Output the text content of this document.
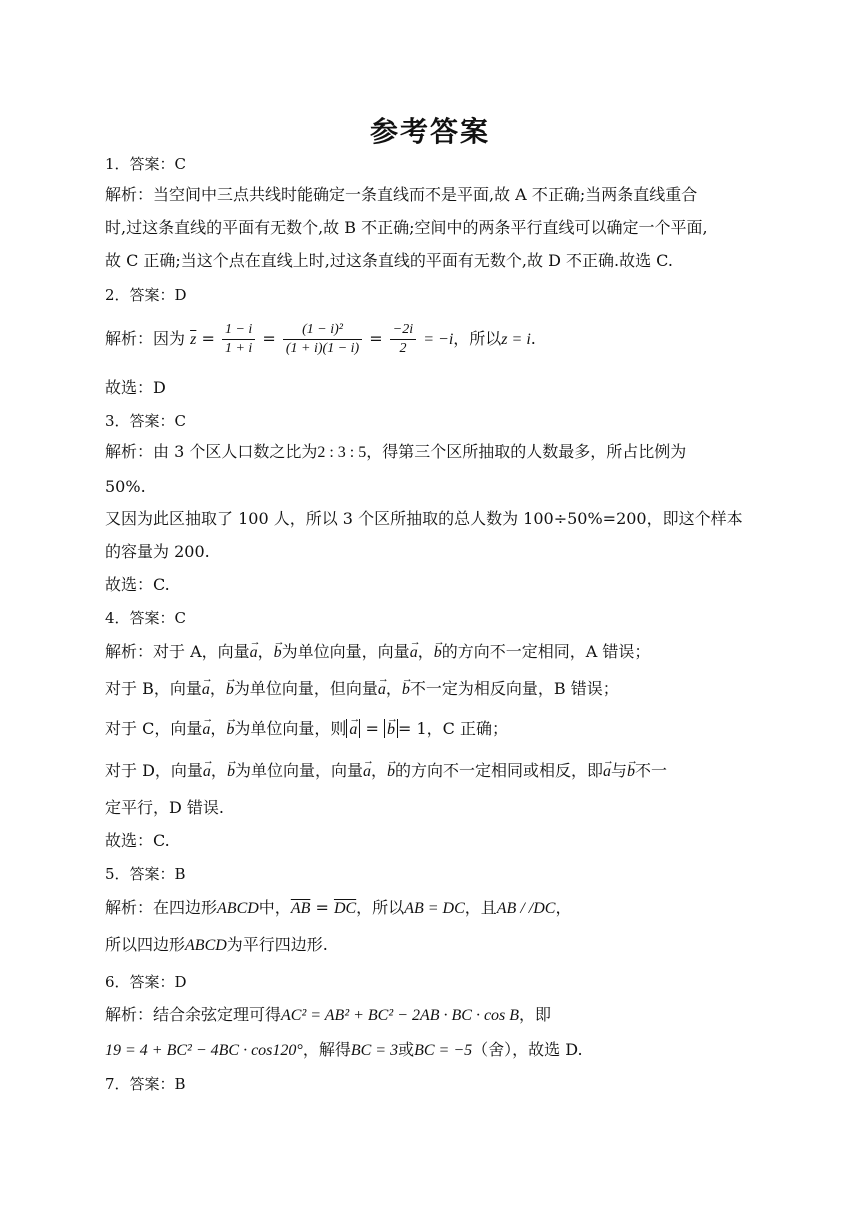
参考答案
1．答案：C
解析：当空间中三点共线时能确定一条直线而不是平面,故 A 不正确;当两条直线重合
时,过这条直线的平面有无数个,故 B 不正确;空间中的两条平行直线可以确定一个平面,
故 C 正确;当这个点在直线上时,过这条直线的平面有无数个,故 D 不正确.故选 C.
2．答案：D
解析：因为 $\overline{z} = \frac{1 - i}{1 + i} = \frac{\text{(1 − i)²}}{(1 + i)(1 - i)} = \frac{-2i}{2} = -i$，所以z = i.
故选：D
3．答案：C
解析：由 3 个区人口数之比为2 : 3 : 5，得第三个区所抽取的人数最多，所占比例为
50%.
又因为此区抽取了 100 人，所以 3 个区所抽取的总人数为 100÷50%=200，即这个样本
的容量为 200.
故选：C.
4．答案：C
解析：对于 A，向量→ a，→ b为单位向量，向量→ a，→ b的方向不一定相同，A 错误；
对于 B，向量→ a，→ b为单位向量，但向量→ a，→ b不一定为相反向量，B 错误；
对于 C，向量→ a，→ b为单位向量，则 → a = → b = 1，C 正确；
对于 D，向量→ a，→ b为单位向量，向量→ a，→ b的方向不一定相同或相反，即→ a与→ b不一
定平行，D 错误.
故选：C.
5．答案：B
解析：在四边形ABCD中，$\overline{AB} = \overline{DC}$，所以AB = DC，且AB / /DC，
所以四边形ABCD为平行四边形.
6．答案：D
解析：结合余弦定理可得AC² = AB² + BC² − 2AB · BC · cos B，即
19 = 4 + BC² − 4BC · cos120°，解得BC = 3或BC = −5（舍），故选 D.
7．答案：B
